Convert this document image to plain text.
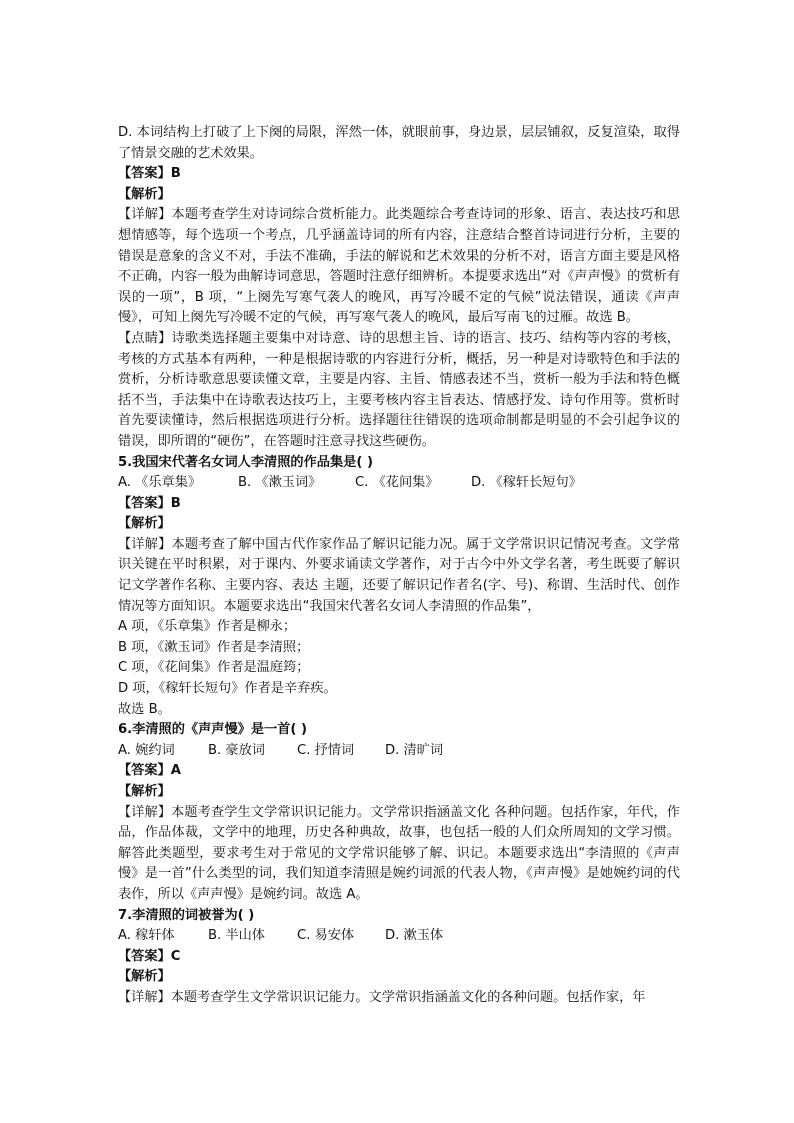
D. 本词结构上打破了上下阕的局限，浑然一体，就眼前事，身边景，层层铺叙，反复渲染，取得了情景交融的艺术效果。

【答案】B

【解析】

【详解】本题考查学生对诗词综合赏析能力。此类题综合考查诗词的形象、语言、表达技巧和思想情感等，每个选项一个考点，几乎涵盖诗词的所有内容，注意结合整首诗词进行分析，主要的错误是意象的含义不对，手法不准确，手法的解说和艺术效果的分析不对，语言方面主要是风格不正确，内容一般为曲解诗词意思，答题时注意仔细辨析。本提要求选出“对《声声慢》的赏析有误的一项”，B 项，“上阕先写寒气袭人的晚风，再写冷暖不定的气候”说法错误，通读《声声慢》，可知上阕先写冷暖不定的气候，再写寒气袭人的晚风，最后写南飞的过雁。故选 B。

【点睛】诗歌类选择题主要集中对诗意、诗的思想主旨、诗的语言、技巧、结构等内容的考核，考核的方式基本有两种，一种是根据诗歌的内容进行分析，概括，另一种是对诗歌特色和手法的赏析，分析诗歌意思要读懂文章，主要是内容、主旨、情感表述不当，赏析一般为手法和特色概括不当，手法集中在诗歌表达技巧上，主要考核内容主旨表达、情感抒发、诗句作用等。赏析时首先要读懂诗，然后根据选项进行分析。选择题往往错误的选项命制都是明显的不会引起争议的错误，即所谓的“硬伤”，在答题时注意寻找这些硬伤。

5.我国宋代著名女词人李清照的作品集是( )

A. 《乐章集》	B. 《漱玉词》	C. 《花间集》	D. 《稼轩长短句》

【答案】B

【解析】

【详解】本题考查了解中国古代作家作品了解识记能力况。属于文学常识识记情况考查。文学常识关键在平时积累，对于课内、外要求诵读文学著作，对于古今中外文学名著，考生既要了解识记文学著作名称、主要内容、表达 主题，还要了解识记作者名(字、号)、称谓、生活时代、创作情况等方面知识。本题要求选出“我国宋代著名女词人李清照的作品集”，

A 项，《乐章集》作者是柳永；

B 项，《漱玉词》作者是李清照；

C 项，《花间集》作者是温庭筠；

D 项，《稼轩长短句》作者是辛弃疾。

故选 B。

6.李清照的《声声慢》是一首( )

A. 婉约词	B. 豪放词	C. 抒情词	D. 清旷词

【答案】A

【解析】

【详解】本题考查学生文学常识识记能力。文学常识指涵盖文化 各种问题。包括作家，年代，作品，作品体裁，文学中的地理，历史各种典故，故事，也包括一般的人们众所周知的文学习惯。解答此类题型，要求考生对于常见的文学常识能够了解、识记。本题要求选出“李清照的《声声慢》是一首”什么类型的词，我们知道李清照是婉约词派的代表人物，《声声慢》是她婉约词的代表作，所以《声声慢》是婉约词。故选 A。

7.李清照的词被誉为( )

A. 稼轩体	B. 半山体	C. 易安体	D. 漱玉体

【答案】C

【解析】

【详解】本题考查学生文学常识识记能力。文学常识指涵盖文化的各种问题。包括作家，年
